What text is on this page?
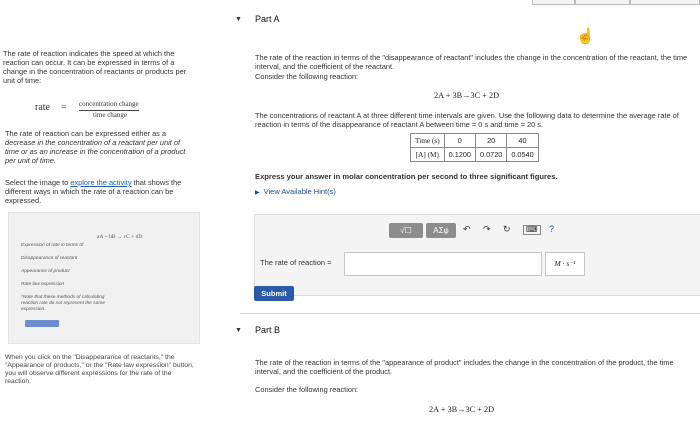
The rate of reaction indicates the speed at which the reaction can occur. It can be expressed in terms of a change in the concentration of reactants or products per unit of time:

rate = concentration change
time change

The rate of reaction can be expressed either as a decrease in the concentration of a reactant per unit of time or as an increase in the concentration of a product per unit of time.

Select the image to explore the activity that shows the different ways in which the rate of a reaction can be expressed.

aA + bB → cC + dD
Expression of rate in terms of
Disappearance of reactant
Appearance of product
Rate law expression
*Note that these methods of calculating reaction rate do not represent the same expression.

When you click on the "Disappearance of reactants," the "Appearance of products," or the "Rate law expression" button, you will observe different expressions for the rate of the reaction.

▼ Part A
☝

The rate of the reaction in terms of the "disappearance of reactant" includes the change in the concentration of the reactant, the time interval, and the coefficient of the reactant.

Consider the following reaction:

2A + 3B→3C + 2D

The concentrations of reactant A at three different time intervals are given. Use the following data to determine the average rate of reaction in terms of the disappearance of reactant A between time = 0 s and time = 20 s.

Time (s)	0	20	40
[A] (M)	0.1200	0.0720	0.0540

Express your answer in molar concentration per second to three significant figures.

▶ View Available Hint(s)
√☐	AΣφ	↶ ↷ ↻	⌨	?
The rate of reaction =	M · s⁻¹
Submit
▼ Part B

The rate of the reaction in terms of the "appearance of product" includes the change in the concentration of the product, the time interval, and the coefficient of the product.

Consider the following reaction:

2A + 3B→3C + 2D
